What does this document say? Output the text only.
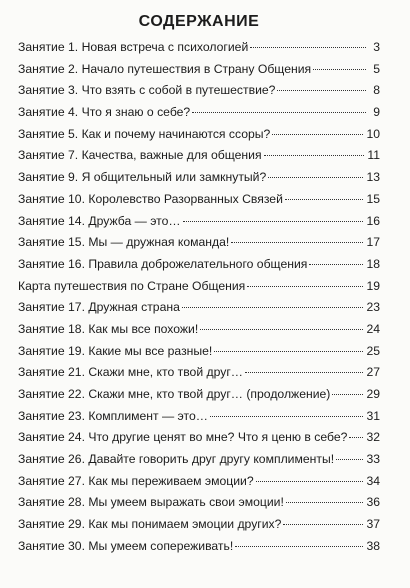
СОДЕРЖАНИЕ
Занятие 1. Новая встреча с психологией	3
Занятие 2. Начало путешествия в Страну Общения	5
Занятие 3. Что взять с собой в путешествие?	8
Занятие 4. Что я знаю о себе?	9
Занятие 5. Как и почему начинаются ссоры?	10
Занятие 7. Качества, важные для общения	11
Занятие 9. Я общительный или замкнутый?	13
Занятие 10. Королевство Разорванных Связей	15
Занятие 14. Дружба — это…	16
Занятие 15. Мы — дружная команда!	17
Занятие 16. Правила доброжелательного общения	18
Карта путешествия по Стране Общения	19
Занятие 17. Дружная страна	23
Занятие 18. Как мы все похожи!	24
Занятие 19. Какие мы все разные!	25
Занятие 21. Скажи мне, кто твой друг…	27
Занятие 22. Скажи мне, кто твой друг… (продолжение)	29
Занятие 23. Комплимент — это…	31
Занятие 24. Что другие ценят во мне? Что я ценю в себе? 32
Занятие 26. Давайте говорить друг другу комплименты!	33
Занятие 27. Как мы переживаем эмоции?	34
Занятие 28. Мы умеем выражать свои эмоции!	36
Занятие 29. Как мы понимаем эмоции других?	37
Занятие 30. Мы умеем сопереживать!	38
